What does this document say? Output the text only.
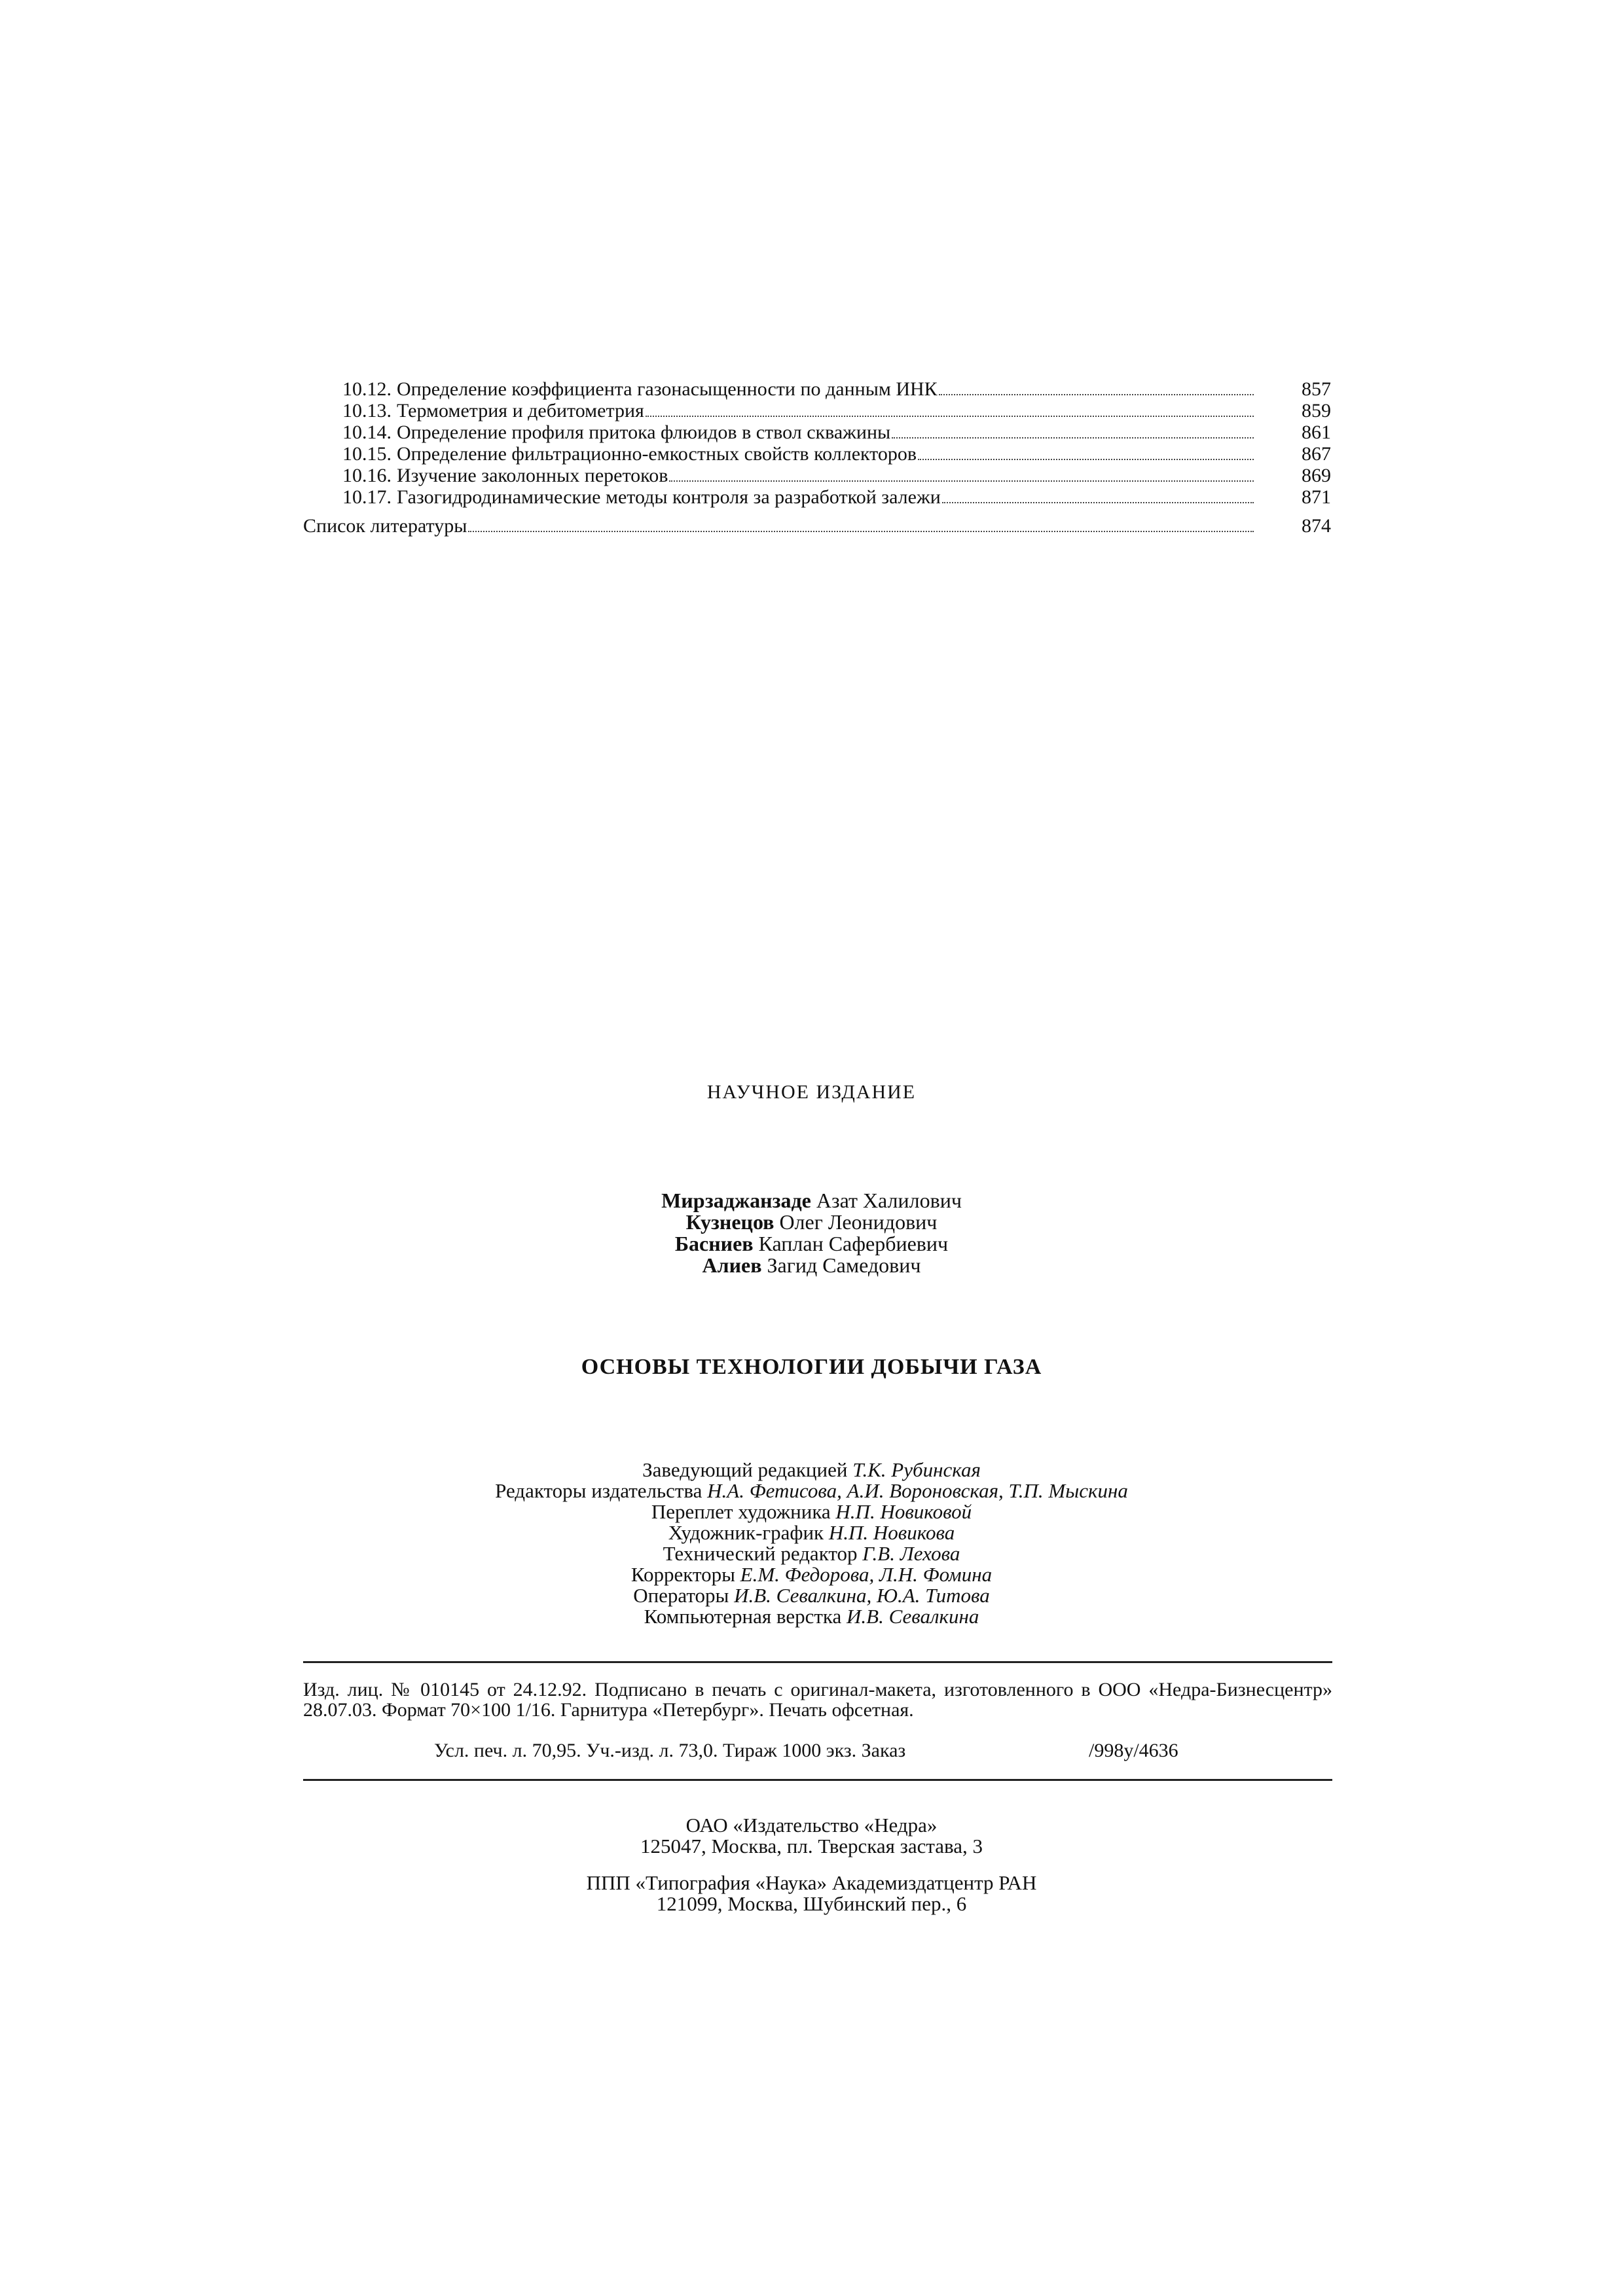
10.12. Определение коэффициента газонасыщенности по данным ИНК	857
10.13. Термометрия и дебитометрия	859
10.14. Определение профиля притока флюидов в ствол скважины	861
10.15. Определение фильтрационно-емкостных свойств коллекторов	867
10.16. Изучение заколонных перетоков	869
10.17. Газогидродинамические методы контроля за разработкой залежи	871
Список литературы	874
НАУЧНОЕ ИЗДАНИЕ
Мирзаджанзаде Азат Халилович
Кузнецов Олег Леонидович
Басниев Каплан Сафербиевич
Алиев Загид Самедович
ОСНОВЫ ТЕХНОЛОГИИ ДОБЫЧИ ГАЗА
Заведующий редакцией Т.К. Рубинская
Редакторы издательства Н.А. Фетисова, А.И. Вороновская, Т.П. Мыскина
Переплет художника Н.П. Новиковой
Художник-график Н.П. Новикова
Технический редактор Г.В. Лехова
Корректоры Е.М. Федорова, Л.Н. Фомина
Операторы И.В. Севалкина, Ю.А. Титова
Компьютерная верстка И.В. Севалкина
Изд. лиц. № 010145 от 24.12.92. Подписано в печать с оригинал-макета, изготовленного в ООО «Недра-Бизнесцентр» 28.07.03. Формат 70×100 1/16. Гарнитура «Петербург». Печать офсетная.
Усл. печ. л. 70,95. Уч.-изд. л. 73,0. Тираж 1000 экз. Заказ	/998у/4636
ОАО «Издательство «Недра»
125047, Москва, пл. Тверская застава, 3
ППП «Типография «Наука» Академиздатцентр РАН
121099, Москва, Шубинский пер., 6
